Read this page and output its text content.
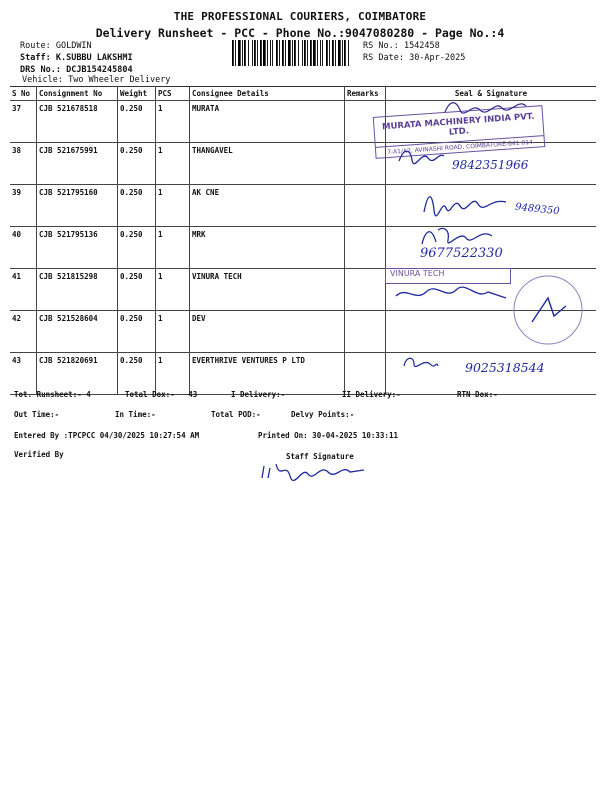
THE PROFESSIONAL COURIERS, COIMBATORE
Delivery Runsheet - PCC - Phone No.:9047080280 - Page No.:4
Route: GOLDWIN
Staff: K.SUBBU LAKSHMI
DRS No.: DCJB154245804
Vehicle: Two Wheeler Delivery
RS No.: 1542458
RS Date: 30-Apr-2025
S No	Consignment No	Weight	PCS	Consignee Details	Remarks	Seal & Signature
37	CJB 521678518	0.250	1	MURATA		
38	CJB 521675991	0.250	1	THANGAVEL		
39	CJB 521795160	0.250	1	AK CNE		
40	CJB 521795136	0.250	1	MRK		
41	CJB 521815298	0.250	1	VINURA TECH		
42	CJB 521528604	0.250	1	DEV		
43	CJB 521820691	0.250	1	EVERTHRIVE VENTURES P LTD		
MURATA MACHINERY INDIA PVT. LTD.
7-A1/A2, AVINASHI ROAD, COIMBATORE-641 014
9842351966
9489350
9677522330
VINURA TECH
9025318544
Tot. Runsheet:- 4	Total Dox:-   43	I Delivery:-	II Delivery:-	RTN Dox:-
Out Time:-	In Time:-	Total POD:-	Delvy Points:-
Entered By :TPCPCC 04/30/2025 10:27:54 AM	Printed On: 30-04-2025 10:33:11
Verified By	Staff Signature
